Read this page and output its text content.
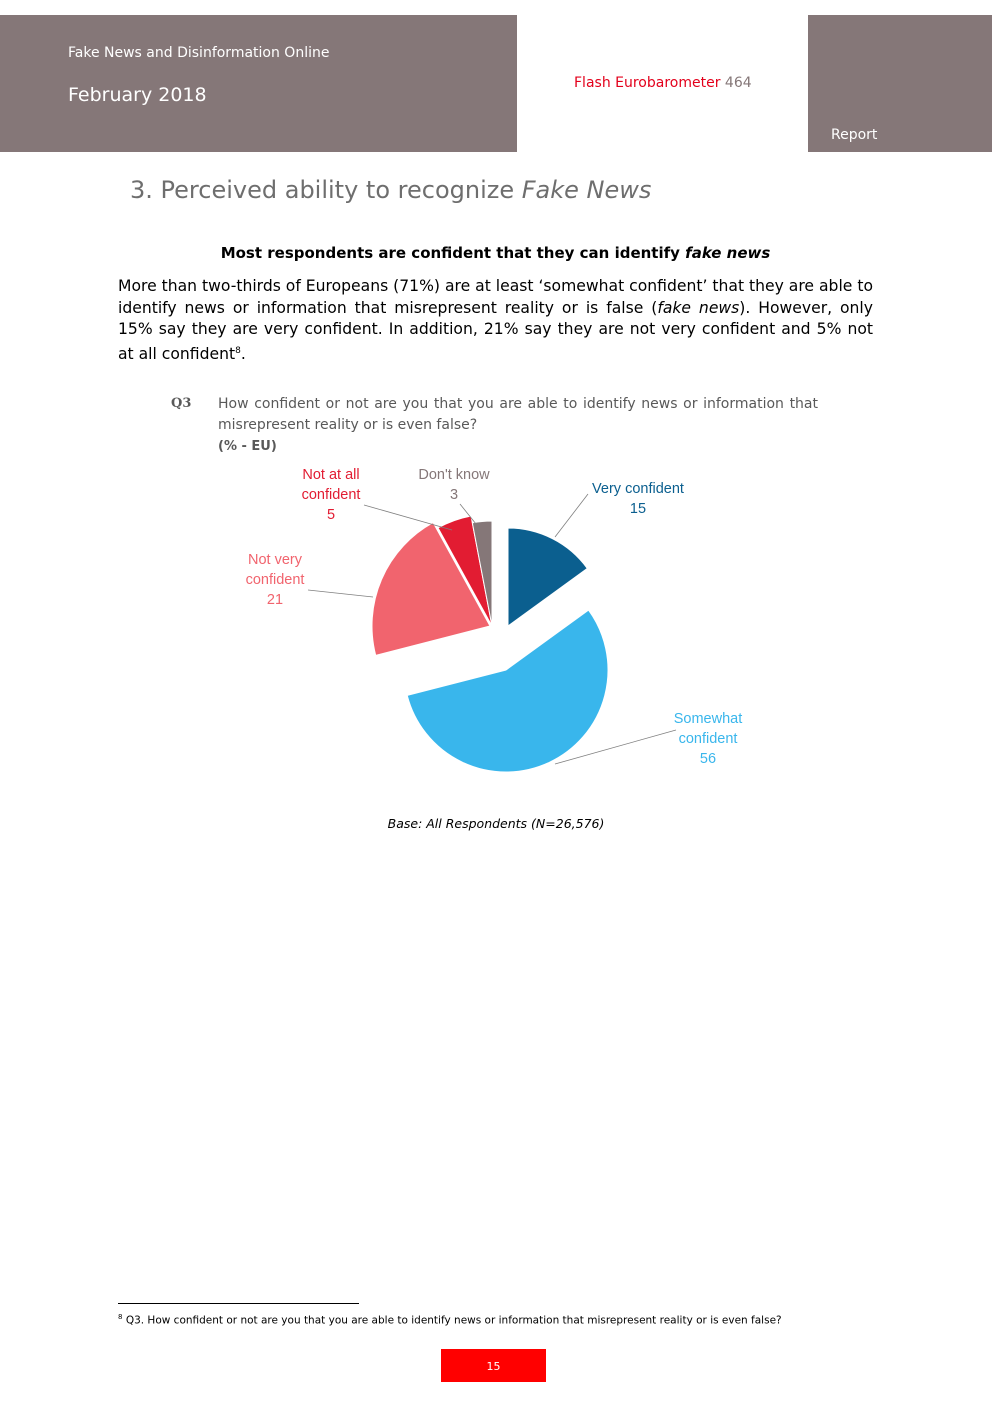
Fake News and Disinformation Online
February 2018
Flash Eurobarometer 464
Report
3. Perceived ability to recognize Fake News
Most respondents are confident that they can identify fake news
More than two-thirds of Europeans (71%) are at least ‘somewhat confident’ that they are able to identify news or information that misrepresent reality or is false (fake news). However, only 15% say they are very confident. In addition, 21% say they are not very confident and 5% not at all confident$^8$.
Q3 How confident or not are you that you are able to identify news or information that misrepresent reality or is even false?
(% - EU)
Very confident 15
Somewhat confident 56
Not very confident 21
Not at all confident 5
Don't know 3
Base: All Respondents (N=26,576)
$^8$ Q3. How confident or not are you that you are able to identify news or information that misrepresent reality or is even false?
15
